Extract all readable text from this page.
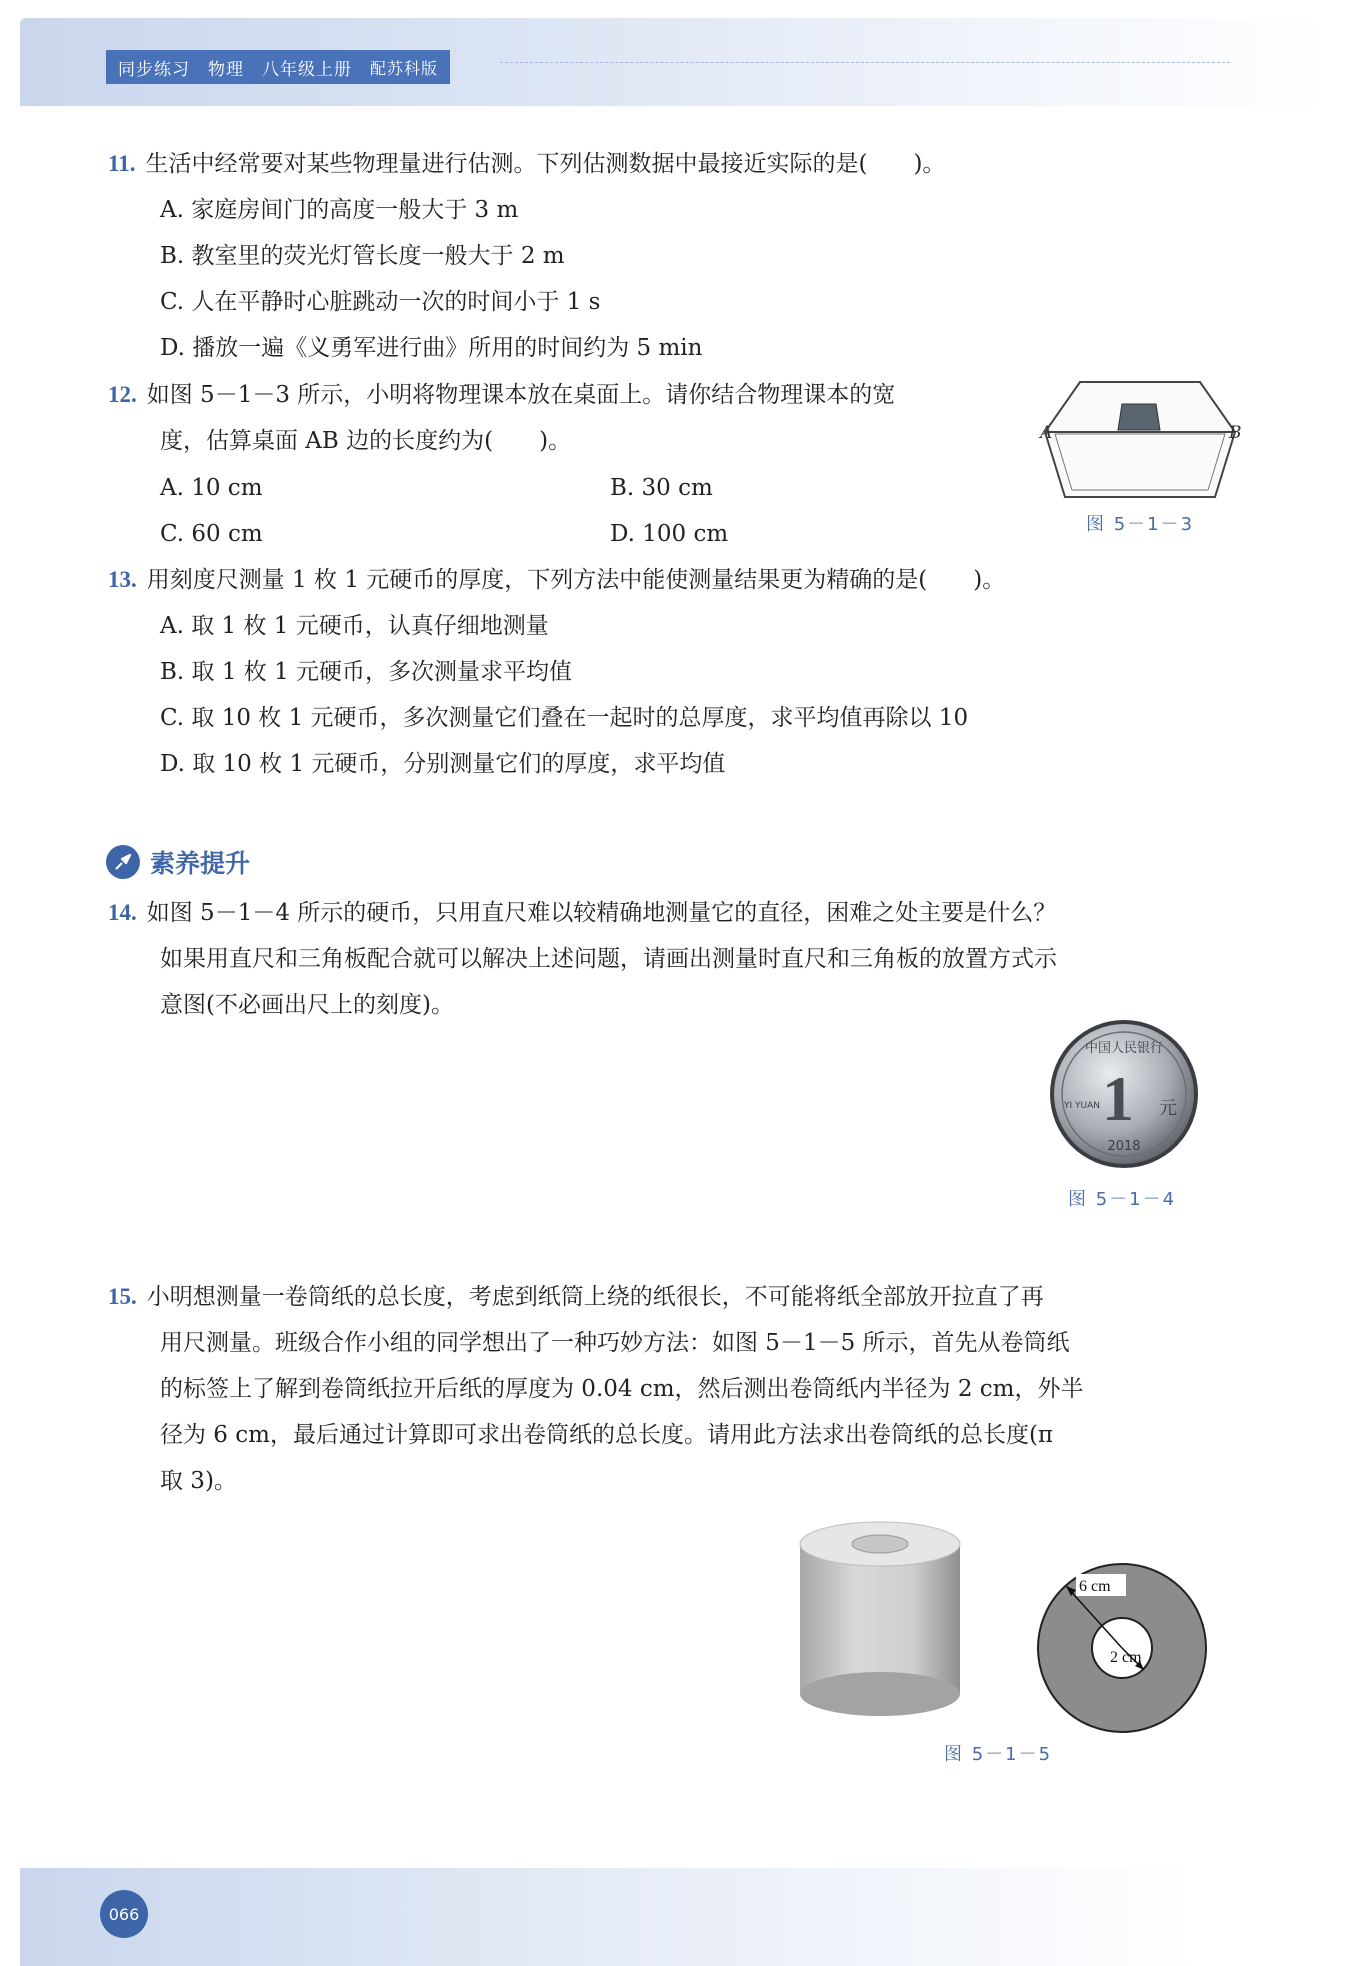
同步练习 物理 八年级上册 配苏科版
11. 生活中经常要对某些物理量进行估测。下列估测数据中最接近实际的是(　　)。
A. 家庭房间门的高度一般大于 3 m
B. 教室里的荧光灯管长度一般大于 2 m
C. 人在平静时心脏跳动一次的时间小于 1 s
D. 播放一遍《义勇军进行曲》所用的时间约为 5 min
12. 如图 5－1－3 所示，小明将物理课本放在桌面上。请你结合物理课本的宽
度，估算桌面 AB 边的长度约为(　　)。
A. 10 cm	B. 30 cm
C. 60 cm	D. 100 cm
A	B
图 5－1－3
13. 用刻度尺测量 1 枚 1 元硬币的厚度，下列方法中能使测量结果更为精确的是(　　)。
A. 取 1 枚 1 元硬币，认真仔细地测量
B. 取 1 枚 1 元硬币，多次测量求平均值
C. 取 10 枚 1 元硬币，多次测量它们叠在一起时的总厚度，求平均值再除以 10
D. 取 10 枚 1 元硬币，分别测量它们的厚度，求平均值
素养提升
14. 如图 5－1－4 所示的硬币，只用直尺难以较精确地测量它的直径，困难之处主要是什么？
如果用直尺和三角板配合就可以解决上述问题，请画出测量时直尺和三角板的放置方式示
意图(不必画出尺上的刻度)。
中国人民银行
1 元
YI YUAN
2018
图 5－1－4
15. 小明想测量一卷筒纸的总长度，考虑到纸筒上绕的纸很长，不可能将纸全部放开拉直了再
用尺测量。班级合作小组的同学想出了一种巧妙方法：如图 5－1－5 所示，首先从卷筒纸
的标签上了解到卷筒纸拉开后纸的厚度为 0.04 cm，然后测出卷筒纸内半径为 2 cm，外半
径为 6 cm，最后通过计算即可求出卷筒纸的总长度。请用此方法求出卷筒纸的总长度(π
取 3)。
6 cm
2 cm
图 5－1－5
066
